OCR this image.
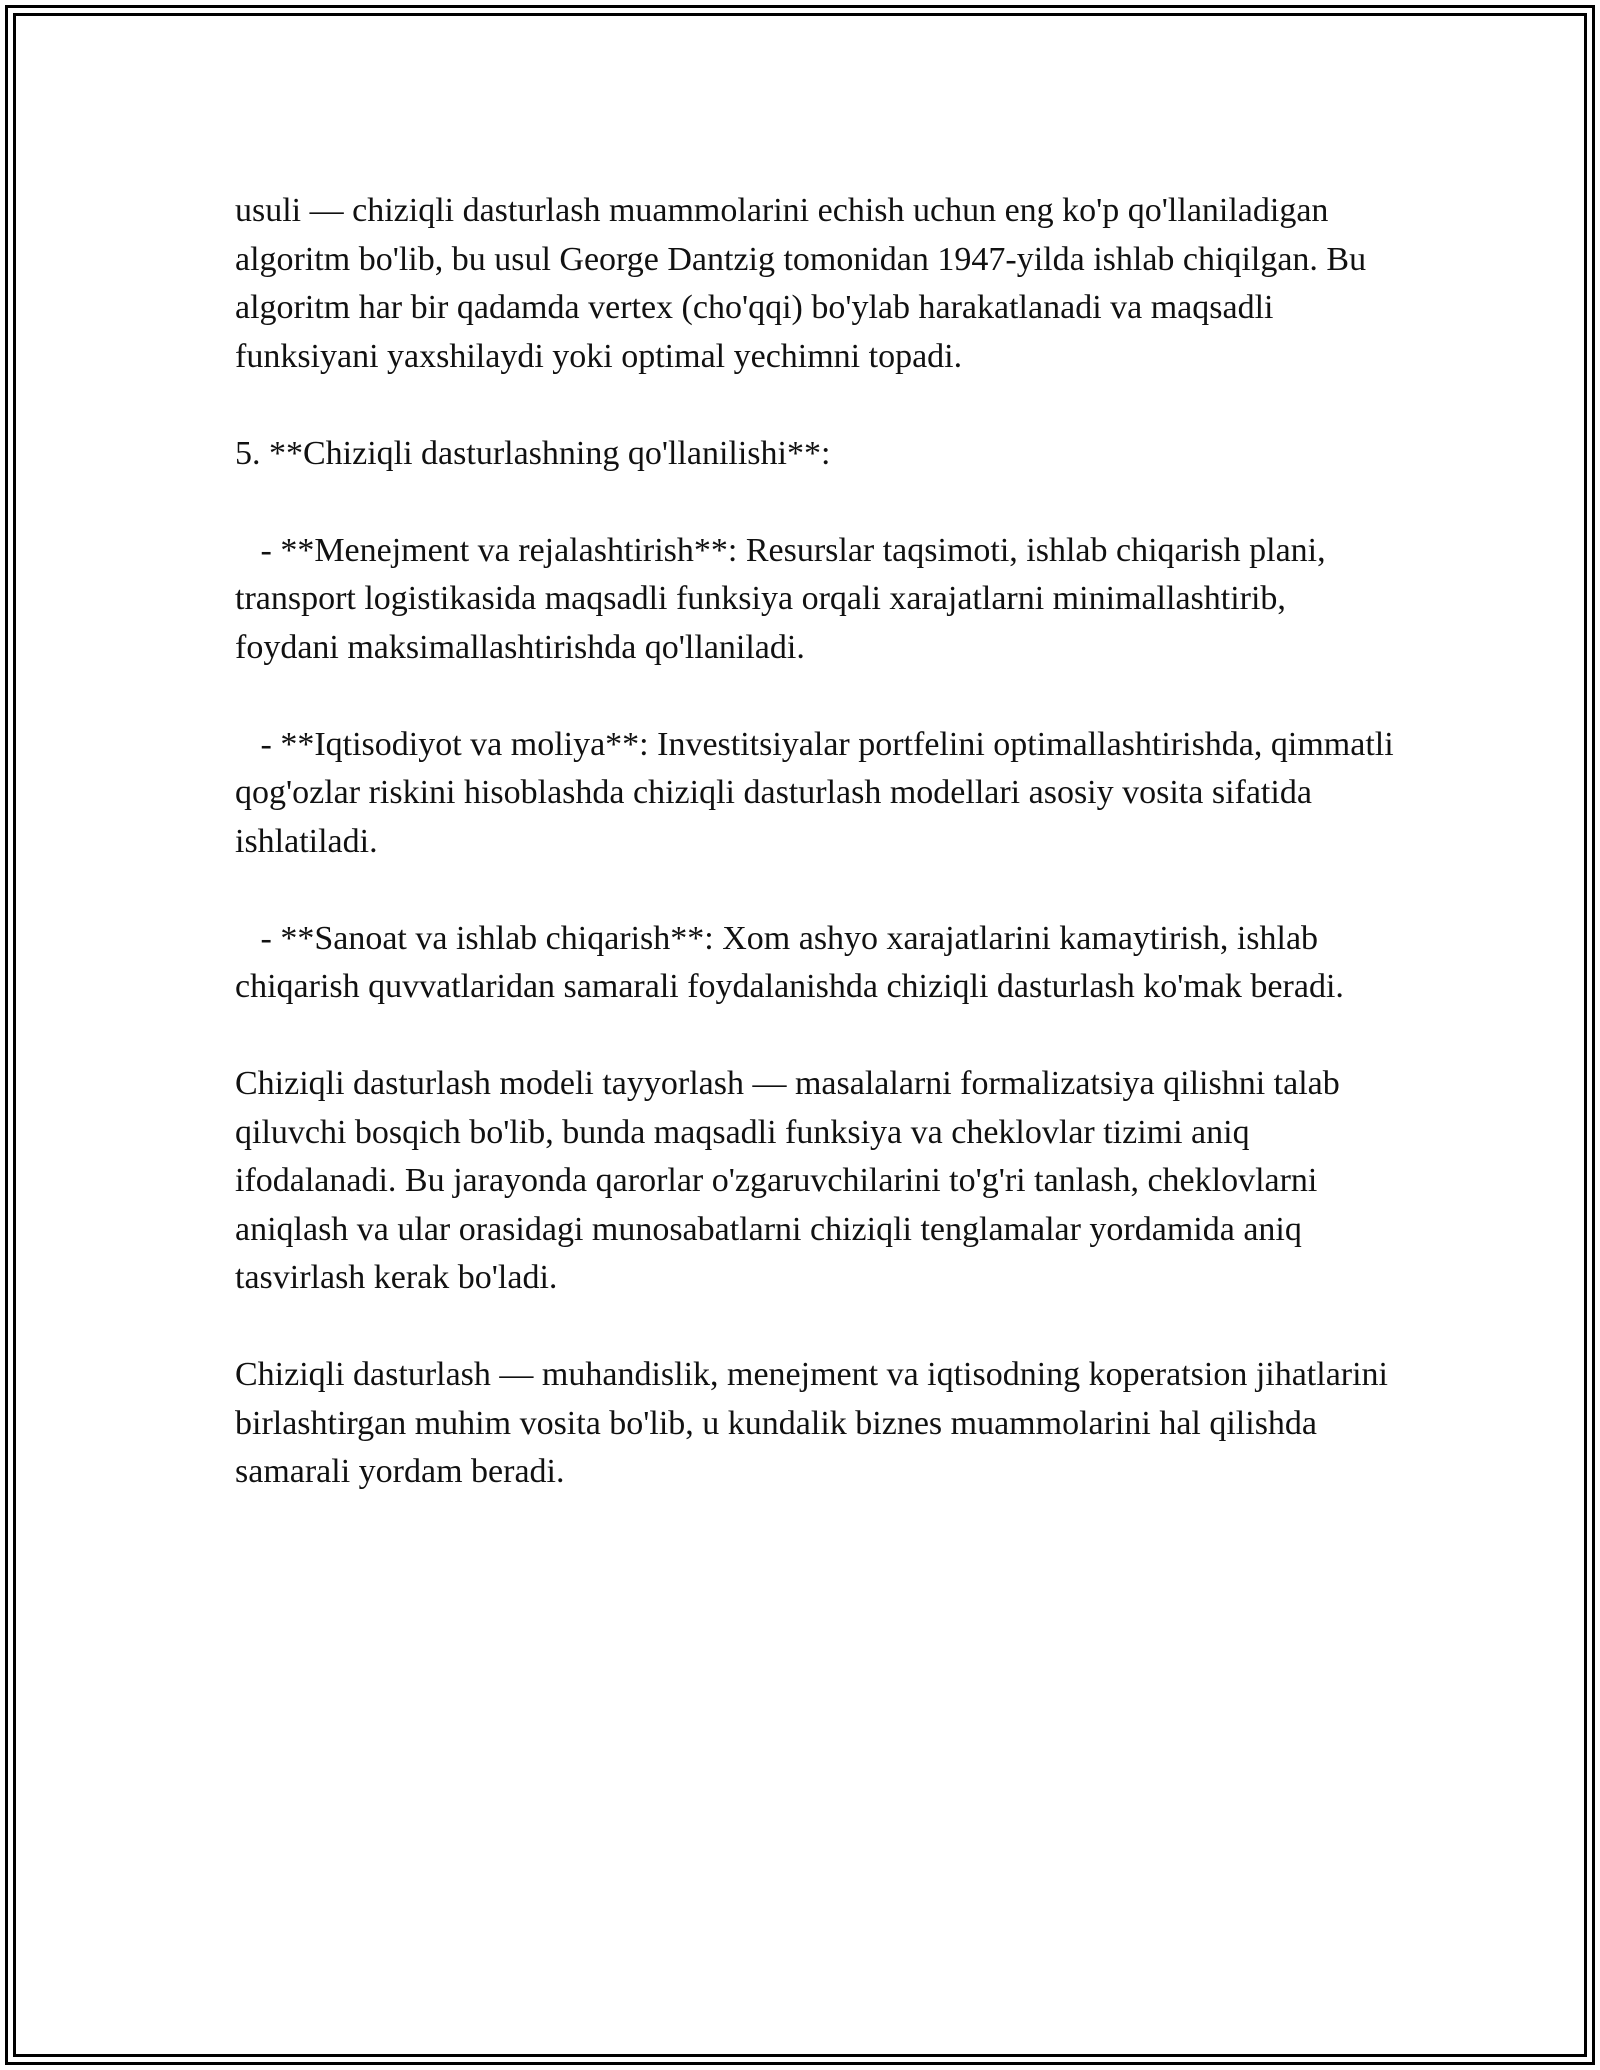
usuli — chiziqli dasturlash muammolarini echish uchun eng ko'p qo'llaniladigan algoritm bo'lib, bu usul George Dantzig tomonidan 1947-yilda ishlab chiqilgan. Bu algoritm har bir qadamda vertex (cho'qqi) bo'ylab harakatlanadi va maqsadli funksiyani yaxshilaydi yoki optimal yechimni topadi.

5. **Chiziqli dasturlashning qo'llanilishi**:

- **Menejment va rejalashtirish**: Resurslar taqsimoti, ishlab chiqarish plani, transport logistikasida maqsadli funksiya orqali xarajatlarni minimallashtirib, foydani maksimallashtirishda qo'llaniladi.

- **Iqtisodiyot va moliya**: Investitsiyalar portfelini optimallashtirishda, qimmatli qog'ozlar riskini hisoblashda chiziqli dasturlash modellari asosiy vosita sifatida ishlatiladi.

- **Sanoat va ishlab chiqarish**: Xom ashyo xarajatlarini kamaytirish, ishlab chiqarish quvvatlaridan samarali foydalanishda chiziqli dasturlash ko'mak beradi.

Chiziqli dasturlash modeli tayyorlash — masalalarni formalizatsiya qilishni talab qiluvchi bosqich bo'lib, bunda maqsadli funksiya va cheklovlar tizimi aniq ifodalanadi. Bu jarayonda qarorlar o'zgaruvchilarini to'g'ri tanlash, cheklovlarni aniqlash va ular orasidagi munosabatlarni chiziqli tenglamalar yordamida aniq tasvirlash kerak bo'ladi.

Chiziqli dasturlash — muhandislik, menejment va iqtisodning koperatsion jihatlarini birlashtirgan muhim vosita bo'lib, u kundalik biznes muammolarini hal qilishda samarali yordam beradi.
